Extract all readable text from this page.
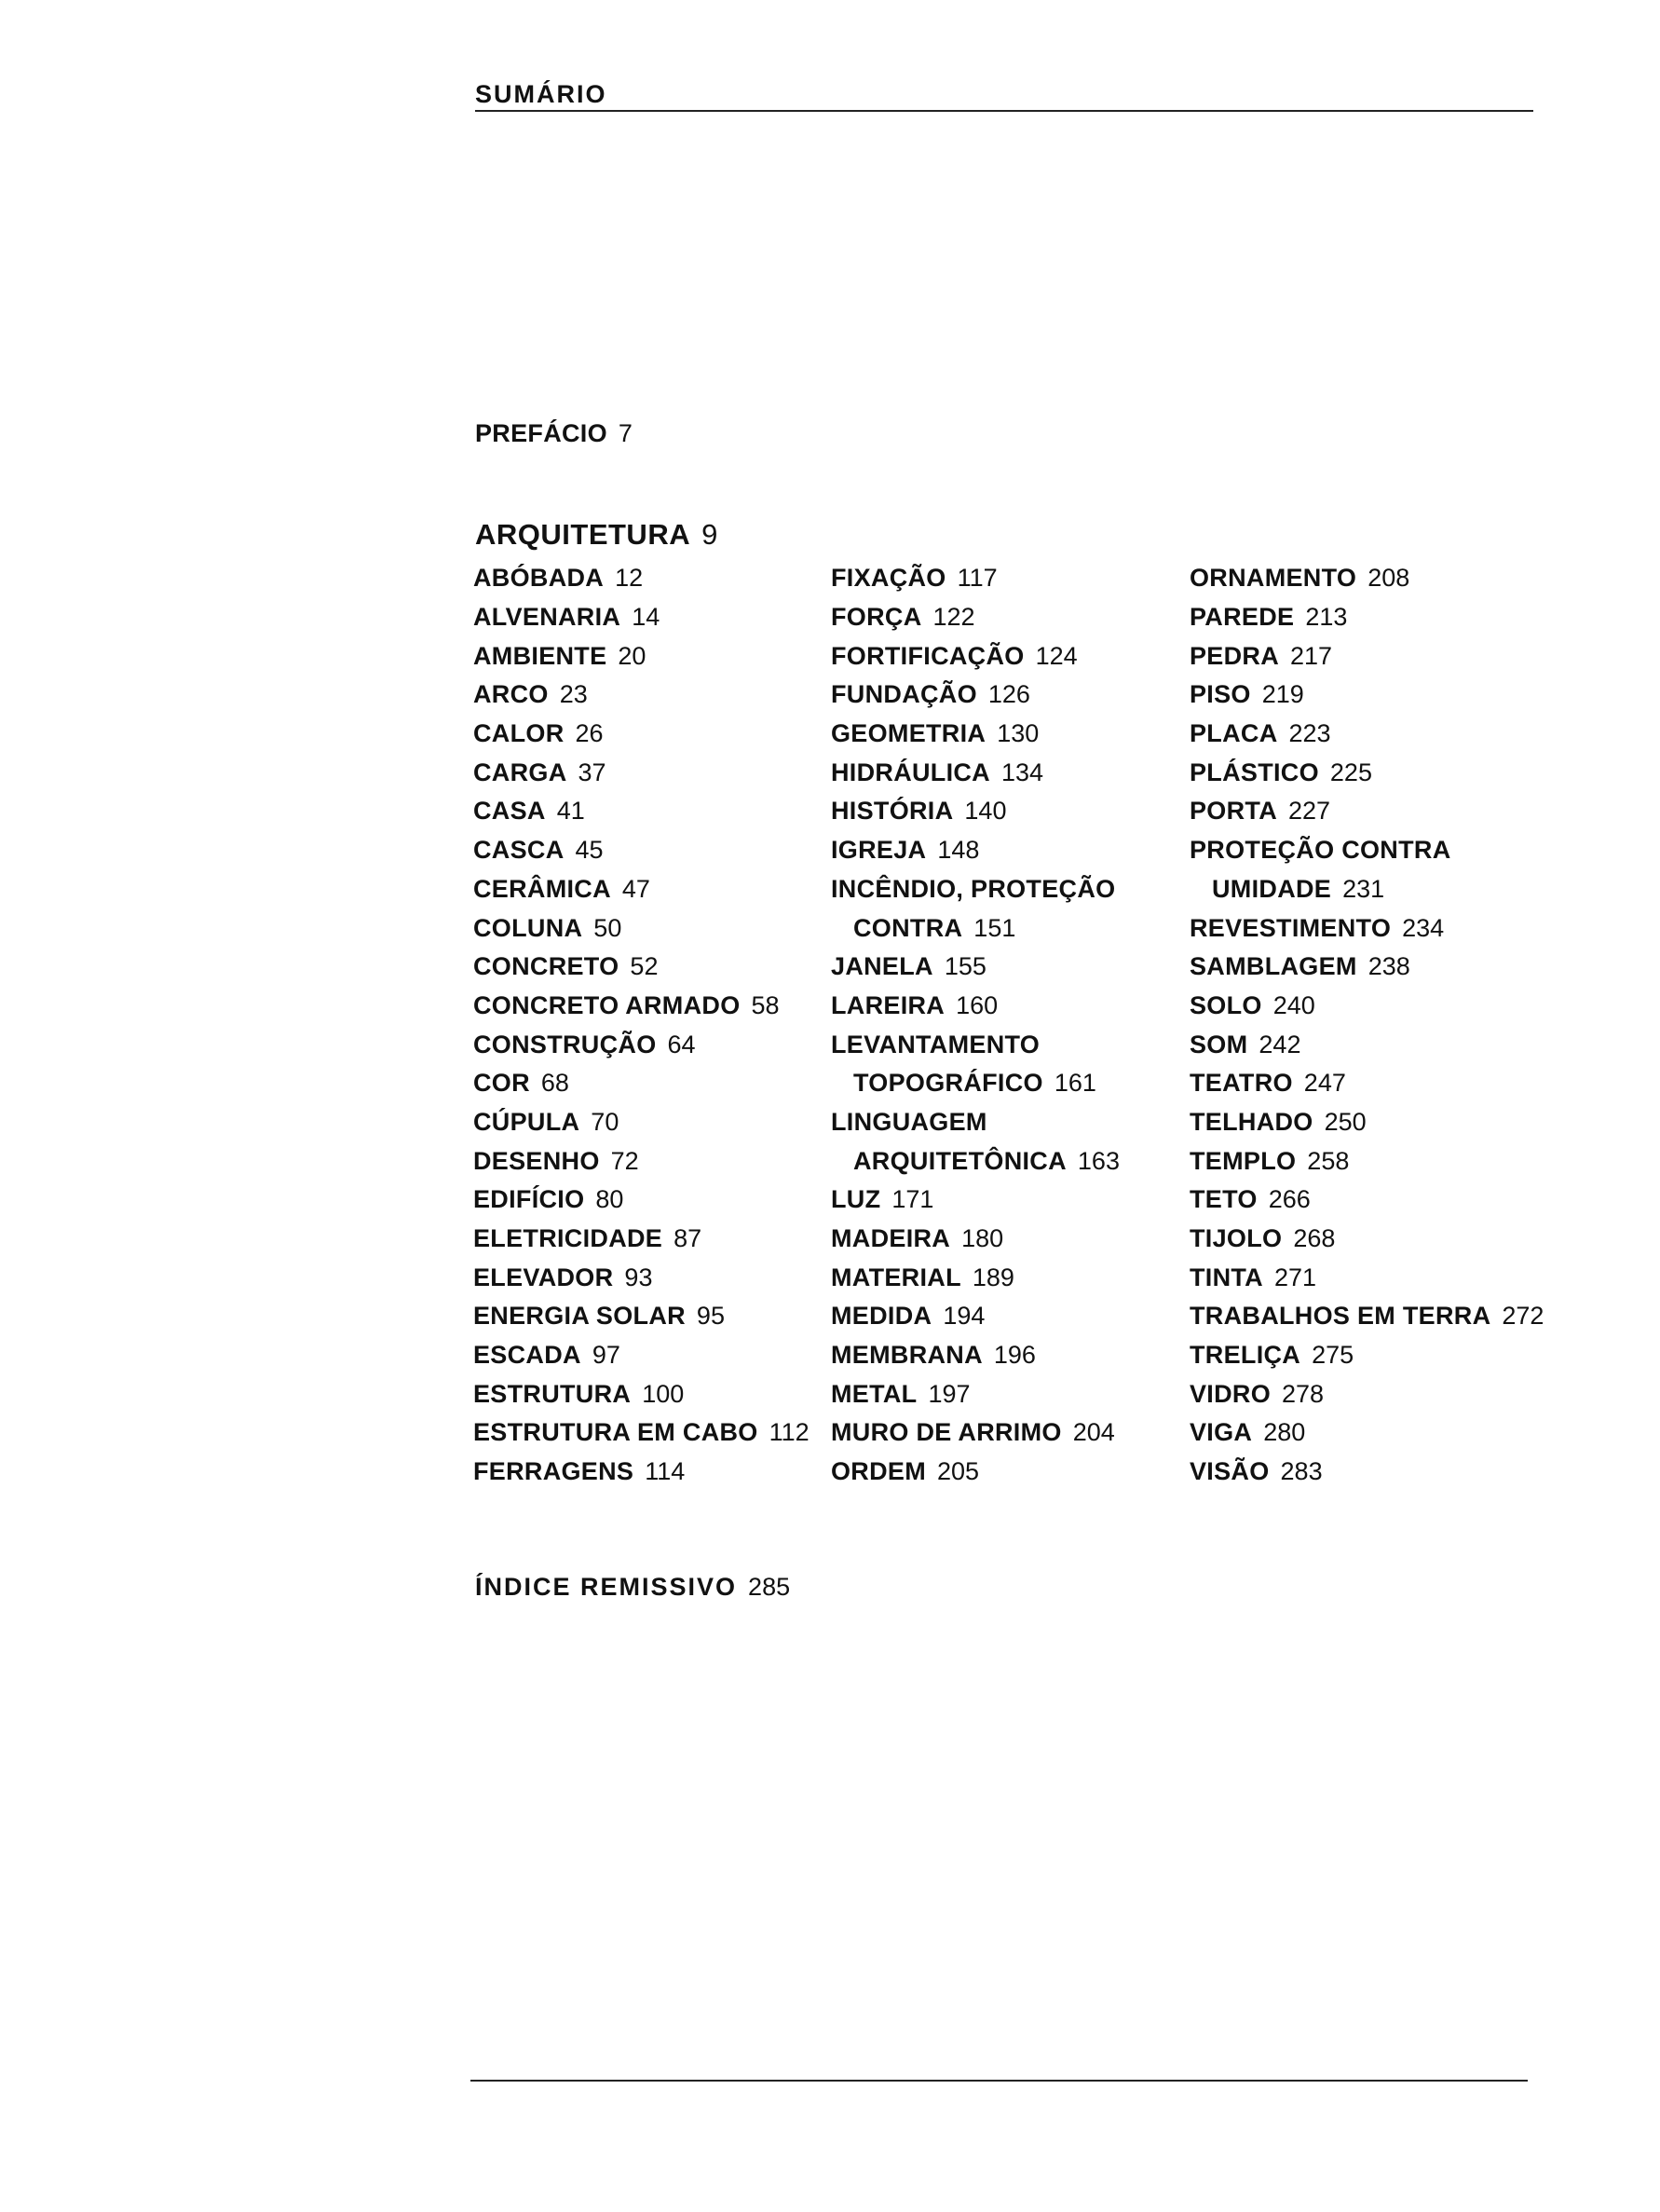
SUMÁRIO
PREFÁCIO 7
ARQUITETURA 9
ABÓBADA 12
ALVENARIA 14
AMBIENTE 20
ARCO 23
CALOR 26
CARGA 37
CASA 41
CASCA 45
CERÂMICA 47
COLUNA 50
CONCRETO 52
CONCRETO ARMADO 58
CONSTRUÇÃO 64
COR 68
CÚPULA 70
DESENHO 72
EDIFÍCIO 80
ELETRICIDADE 87
ELEVADOR 93
ENERGIA SOLAR 95
ESCADA 97
ESTRUTURA 100
ESTRUTURA EM CABO 112
FERRAGENS 114
FIXAÇÃO 117
FORÇA 122
FORTIFICAÇÃO 124
FUNDAÇÃO 126
GEOMETRIA 130
HIDRÁULICA 134
HISTÓRIA 140
IGREJA 148
INCÊNDIO, PROTEÇÃO
CONTRA 151
JANELA 155
LAREIRA 160
LEVANTAMENTO
TOPOGRÁFICO 161
LINGUAGEM
ARQUITETÔNICA 163
LUZ 171
MADEIRA 180
MATERIAL 189
MEDIDA 194
MEMBRANA 196
METAL 197
MURO DE ARRIMO 204
ORDEM 205
ORNAMENTO 208
PAREDE 213
PEDRA 217
PISO 219
PLACA 223
PLÁSTICO 225
PORTA 227
PROTEÇÃO CONTRA
UMIDADE 231
REVESTIMENTO 234
SAMBLAGEM 238
SOLO 240
SOM 242
TEATRO 247
TELHADO 250
TEMPLO 258
TETO 266
TIJOLO 268
TINTA 271
TRABALHOS EM TERRA 272
TRELIÇA 275
VIDRO 278
VIGA 280
VISÃO 283
ÍNDICE REMISSIVO 285
